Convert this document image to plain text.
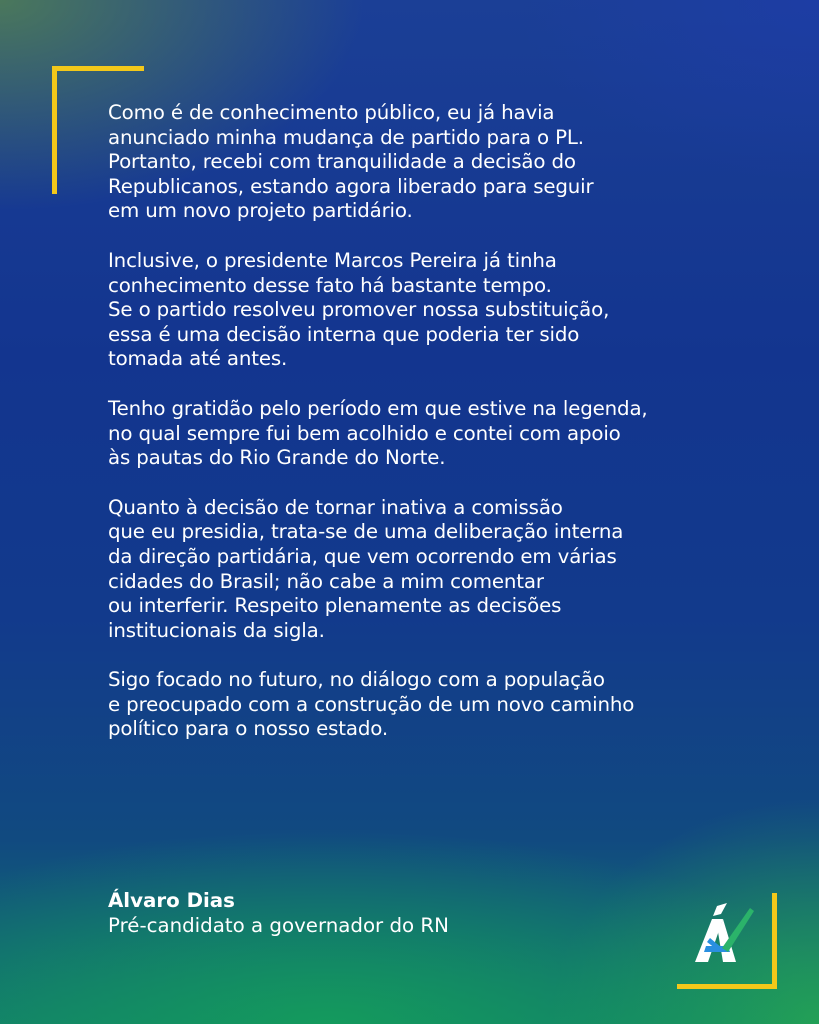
Como é de conhecimento público, eu já havia
anunciado minha mudança de partido para o PL.
Portanto, recebi com tranquilidade a decisão do
Republicanos, estando agora liberado para seguir
em um novo projeto partidário.

Inclusive, o presidente Marcos Pereira já tinha
conhecimento desse fato há bastante tempo.
Se o partido resolveu promover nossa substituição,
essa é uma decisão interna que poderia ter sido
tomada até antes.

Tenho gratidão pelo período em que estive na legenda,
no qual sempre fui bem acolhido e contei com apoio
às pautas do Rio Grande do Norte.

Quanto à decisão de tornar inativa a comissão
que eu presidia, trata-se de uma deliberação interna
da direção partidária, que vem ocorrendo em várias
cidades do Brasil; não cabe a mim comentar
ou interferir. Respeito plenamente as decisões
institucionais da sigla.

Sigo focado no futuro, no diálogo com a população
e preocupado com a construção de um novo caminho
político para o nosso estado.

Álvaro Dias
Pré-candidato a governador do RN
